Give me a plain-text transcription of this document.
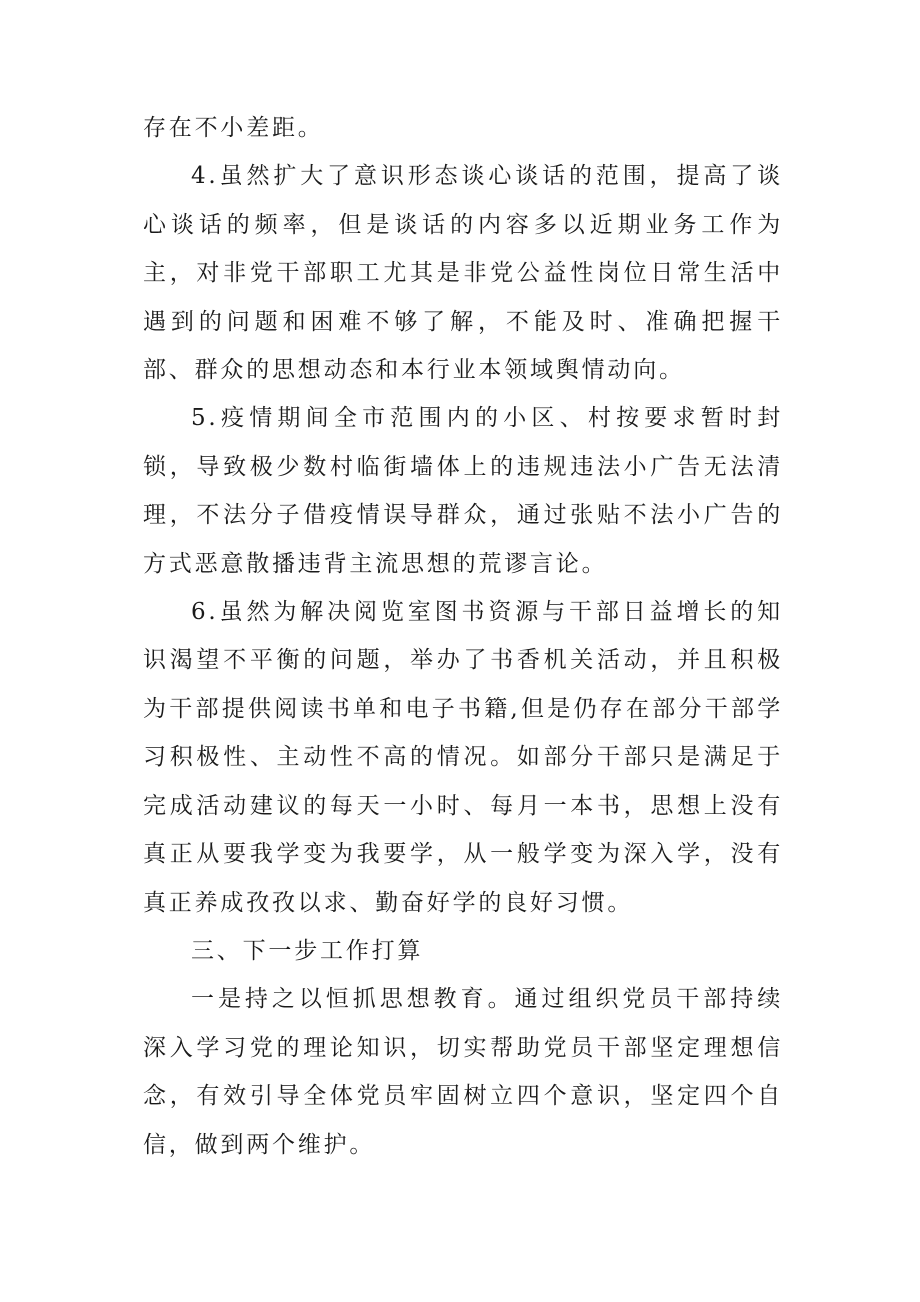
存在不小差距。

4.虽然扩大了意识形态谈心谈话的范围，提高了谈心谈话的频率，但是谈话的内容多以近期业务工作为主，对非党干部职工尤其是非党公益性岗位日常生活中遇到的问题和困难不够了解，不能及时、准确把握干部、群众的思想动态和本行业本领域舆情动向。

5.疫情期间全市范围内的小区、村按要求暂时封锁，导致极少数村临街墙体上的违规违法小广告无法清理，不法分子借疫情误导群众，通过张贴不法小广告的方式恶意散播违背主流思想的荒谬言论。

6.虽然为解决阅览室图书资源与干部日益增长的知识渴望不平衡的问题，举办了书香机关活动，并且积极为干部提供阅读书单和电子书籍,但是仍存在部分干部学习积极性、主动性不高的情况。如部分干部只是满足于完成活动建议的每天一小时、每月一本书，思想上没有真正从要我学变为我要学，从一般学变为深入学，没有真正养成孜孜以求、勤奋好学的良好习惯。

三、下一步工作打算

一是持之以恒抓思想教育。通过组织党员干部持续深入学习党的理论知识，切实帮助党员干部坚定理想信念，有效引导全体党员牢固树立四个意识，坚定四个自信，做到两个维护。
